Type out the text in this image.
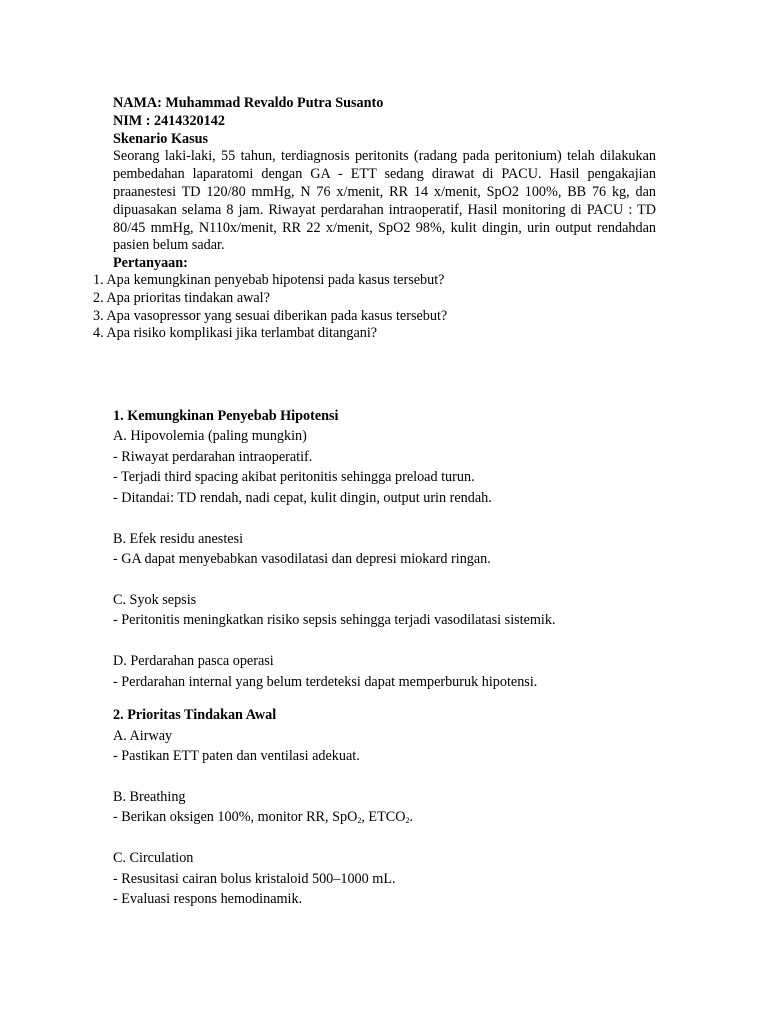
NAMA: Muhammad Revaldo Putra Susanto
NIM : 2414320142
Skenario Kasus

Seorang laki-laki, 55 tahun, terdiagnosis peritonits (radang pada peritonium) telah dilakukan pembedahan laparatomi dengan GA - ETT sedang dirawat di PACU. Hasil pengakajian praanestesi TD 120/80 mmHg, N 76 x/menit, RR 14 x/menit, SpO2 100%, BB 76 kg, dan dipuasakan selama 8 jam. Riwayat perdarahan intraoperatif, Hasil monitoring di PACU : TD 80/45 mmHg, N110x/menit, RR 22 x/menit, SpO2 98%, kulit dingin, urin output rendahdan pasien belum sadar.

Pertanyaan:
1. Apa kemungkinan penyebab hipotensi pada kasus tersebut?
2. Apa prioritas tindakan awal?
3. Apa vasopressor yang sesuai diberikan pada kasus tersebut?
4. Apa risiko komplikasi jika terlambat ditangani?
1. Kemungkinan Penyebab Hipotensi
A. Hipovolemia (paling mungkin)
- Riwayat perdarahan intraoperatif.
- Terjadi third spacing akibat peritonitis sehingga preload turun.
- Ditandai: TD rendah, nadi cepat, kulit dingin, output urin rendah.
B. Efek residu anestesi
- GA dapat menyebabkan vasodilatasi dan depresi miokard ringan.
C. Syok sepsis
- Peritonitis meningkatkan risiko sepsis sehingga terjadi vasodilatasi sistemik.
D. Perdarahan pasca operasi
- Perdarahan internal yang belum terdeteksi dapat memperburuk hipotensi.
2. Prioritas Tindakan Awal
A. Airway
- Pastikan ETT paten dan ventilasi adekuat.
B. Breathing
- Berikan oksigen 100%, monitor RR, SpO$_2$, $ETCO_2$.
C. Circulation
- Resusitasi cairan bolus kristaloid 500–1000 mL.
- Evaluasi respons hemodinamik.
